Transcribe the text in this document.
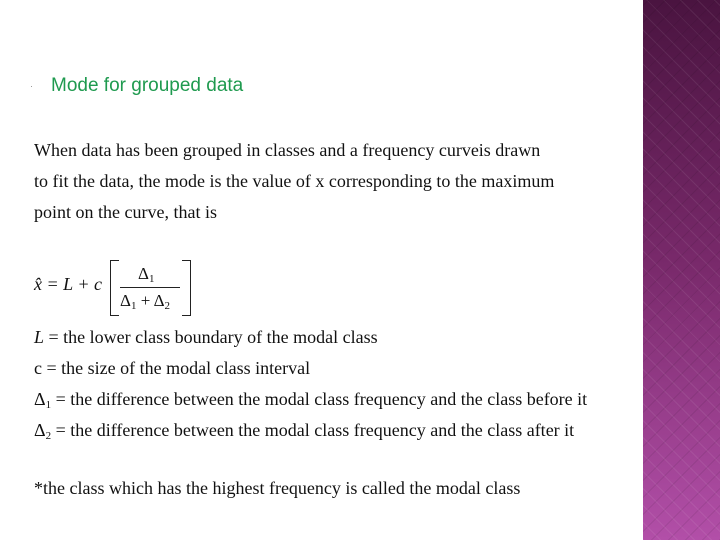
· Mode for grouped data
When data has been grouped in classes and a frequency curveis drawn
to fit the data, the mode is the value of x corresponding to the maximum
point on the curve, that is
x̂ = L + c
$\Delta_1$
$\Delta_1 + \Delta_2$
L = the lower class boundary of the modal class
c = the size of the modal class interval
$\Delta_1$ = the difference between the modal class frequency and the class before it
$\Delta_2$ = the difference between the modal class frequency and the class after it
*the class which has the highest frequency is called the modal class
